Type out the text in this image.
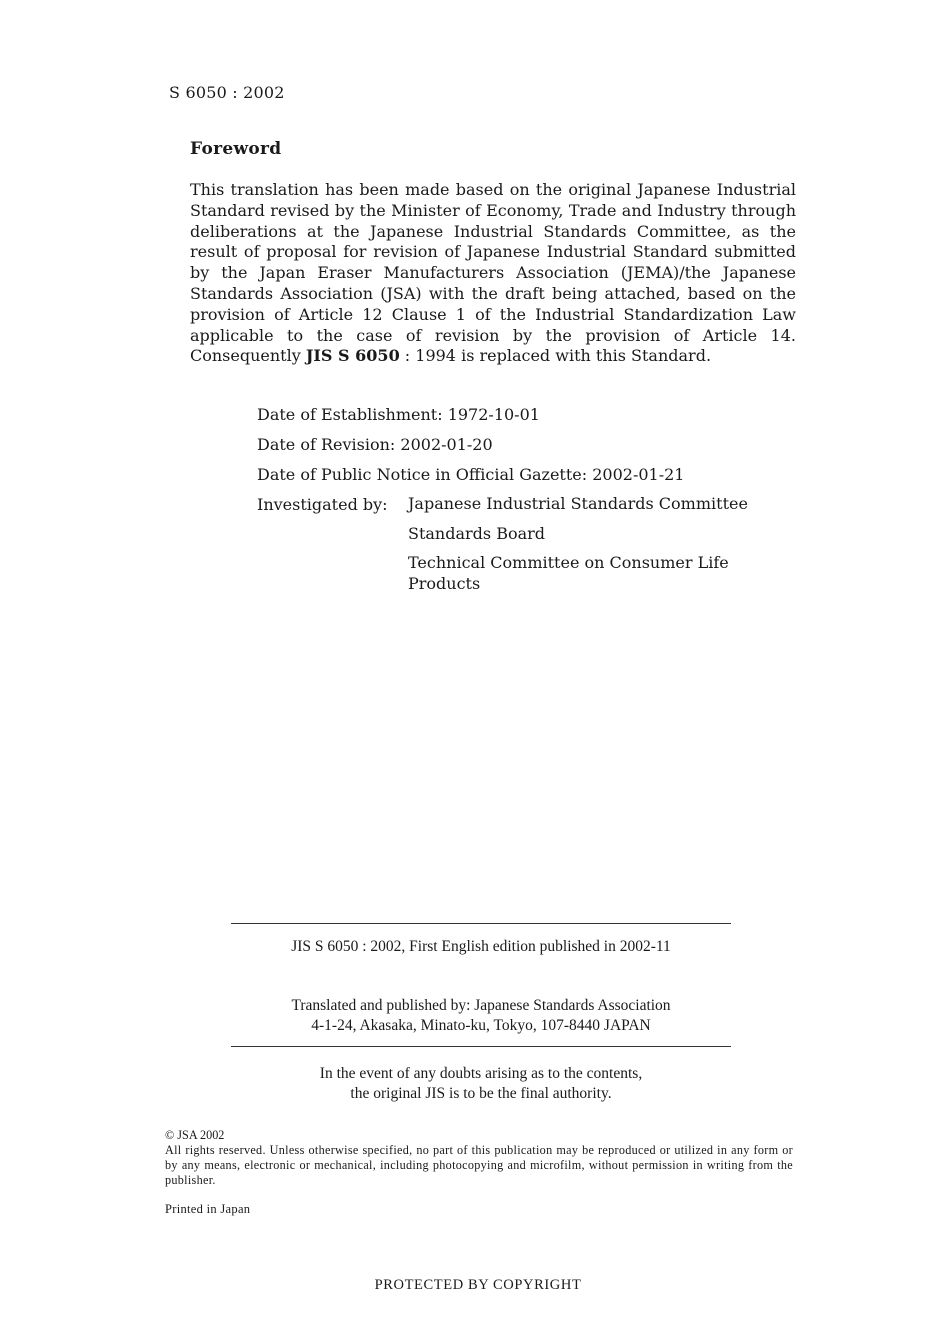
S 6050 : 2002
Foreword
This translation has been made based on the original Japanese Industrial Standard revised by the Minister of Economy, Trade and Industry through deliberations at the Japanese Industrial Standards Committee, as the result of proposal for revision of Japanese Industrial Standard submitted by the Japan Eraser Manufacturers Association (JEMA)/the Japanese Standards Association (JSA) with the draft being attached, based on the provision of Article 12 Clause 1 of the Industrial Standardization Law applicable to the case of revision by the provision of Article 14. Consequently JIS S 6050 : 1994 is replaced with this Standard.
Date of Establishment: 1972-10-01
Date of Revision: 2002-01-20
Date of Public Notice in Official Gazette: 2002-01-21
Investigated by: Japanese Industrial Standards Committee
Standards Board
Technical Committee on Consumer Life Products
JIS S 6050 : 2002, First English edition published in 2002-11
Translated and published by: Japanese Standards Association
4-1-24, Akasaka, Minato-ku, Tokyo, 107-8440 JAPAN
In the event of any doubts arising as to the contents,
the original JIS is to be the final authority.
© JSA 2002
All rights reserved. Unless otherwise specified, no part of this publication may be reproduced or utilized in any form or by any means, electronic or mechanical, including photocopying and microfilm, without permission in writing from the publisher.
Printed in Japan
PROTECTED BY COPYRIGHT
